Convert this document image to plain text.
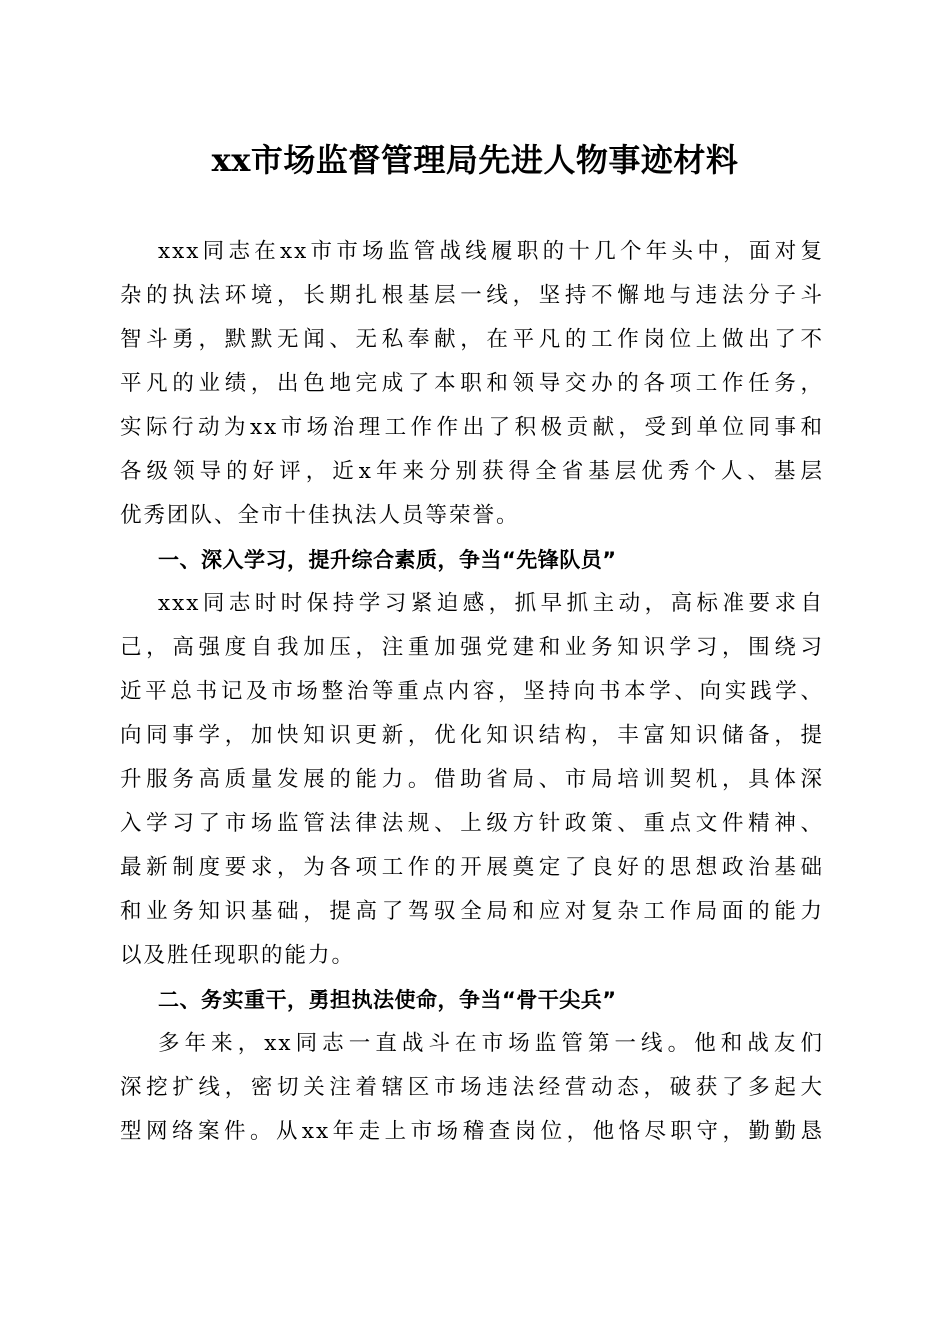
xx市场监督管理局先进人物事迹材料
xxx同志在xx市市场监管战线履职的十几个年头中，面对复
杂的执法环境，长期扎根基层一线，坚持不懈地与违法分子斗
智斗勇，默默无闻、无私奉献，在平凡的工作岗位上做出了不
平凡的业绩，出色地完成了本职和领导交办的各项工作任务，
实际行动为xx市场治理工作作出了积极贡献，受到单位同事和
各级领导的好评，近x年来分别获得全省基层优秀个人、基层
优秀团队、全市十佳执法人员等荣誉。
一、深入学习，提升综合素质，争当“先锋队员”
xxx同志时时保持学习紧迫感，抓早抓主动，高标准要求自
己，高强度自我加压，注重加强党建和业务知识学习，围绕习
近平总书记及市场整治等重点内容，坚持向书本学、向实践学、
向同事学，加快知识更新，优化知识结构，丰富知识储备，提
升服务高质量发展的能力。借助省局、市局培训契机，具体深
入学习了市场监管法律法规、上级方针政策、重点文件精神、
最新制度要求，为各项工作的开展奠定了良好的思想政治基础
和业务知识基础，提高了驾驭全局和应对复杂工作局面的能力
以及胜任现职的能力。
二、务实重干，勇担执法使命，争当“骨干尖兵”
多年来，xx同志一直战斗在市场监管第一线。他和战友们
深挖扩线，密切关注着辖区市场违法经营动态，破获了多起大
型网络案件。从xx年走上市场稽查岗位，他恪尽职守，勤勤恳
